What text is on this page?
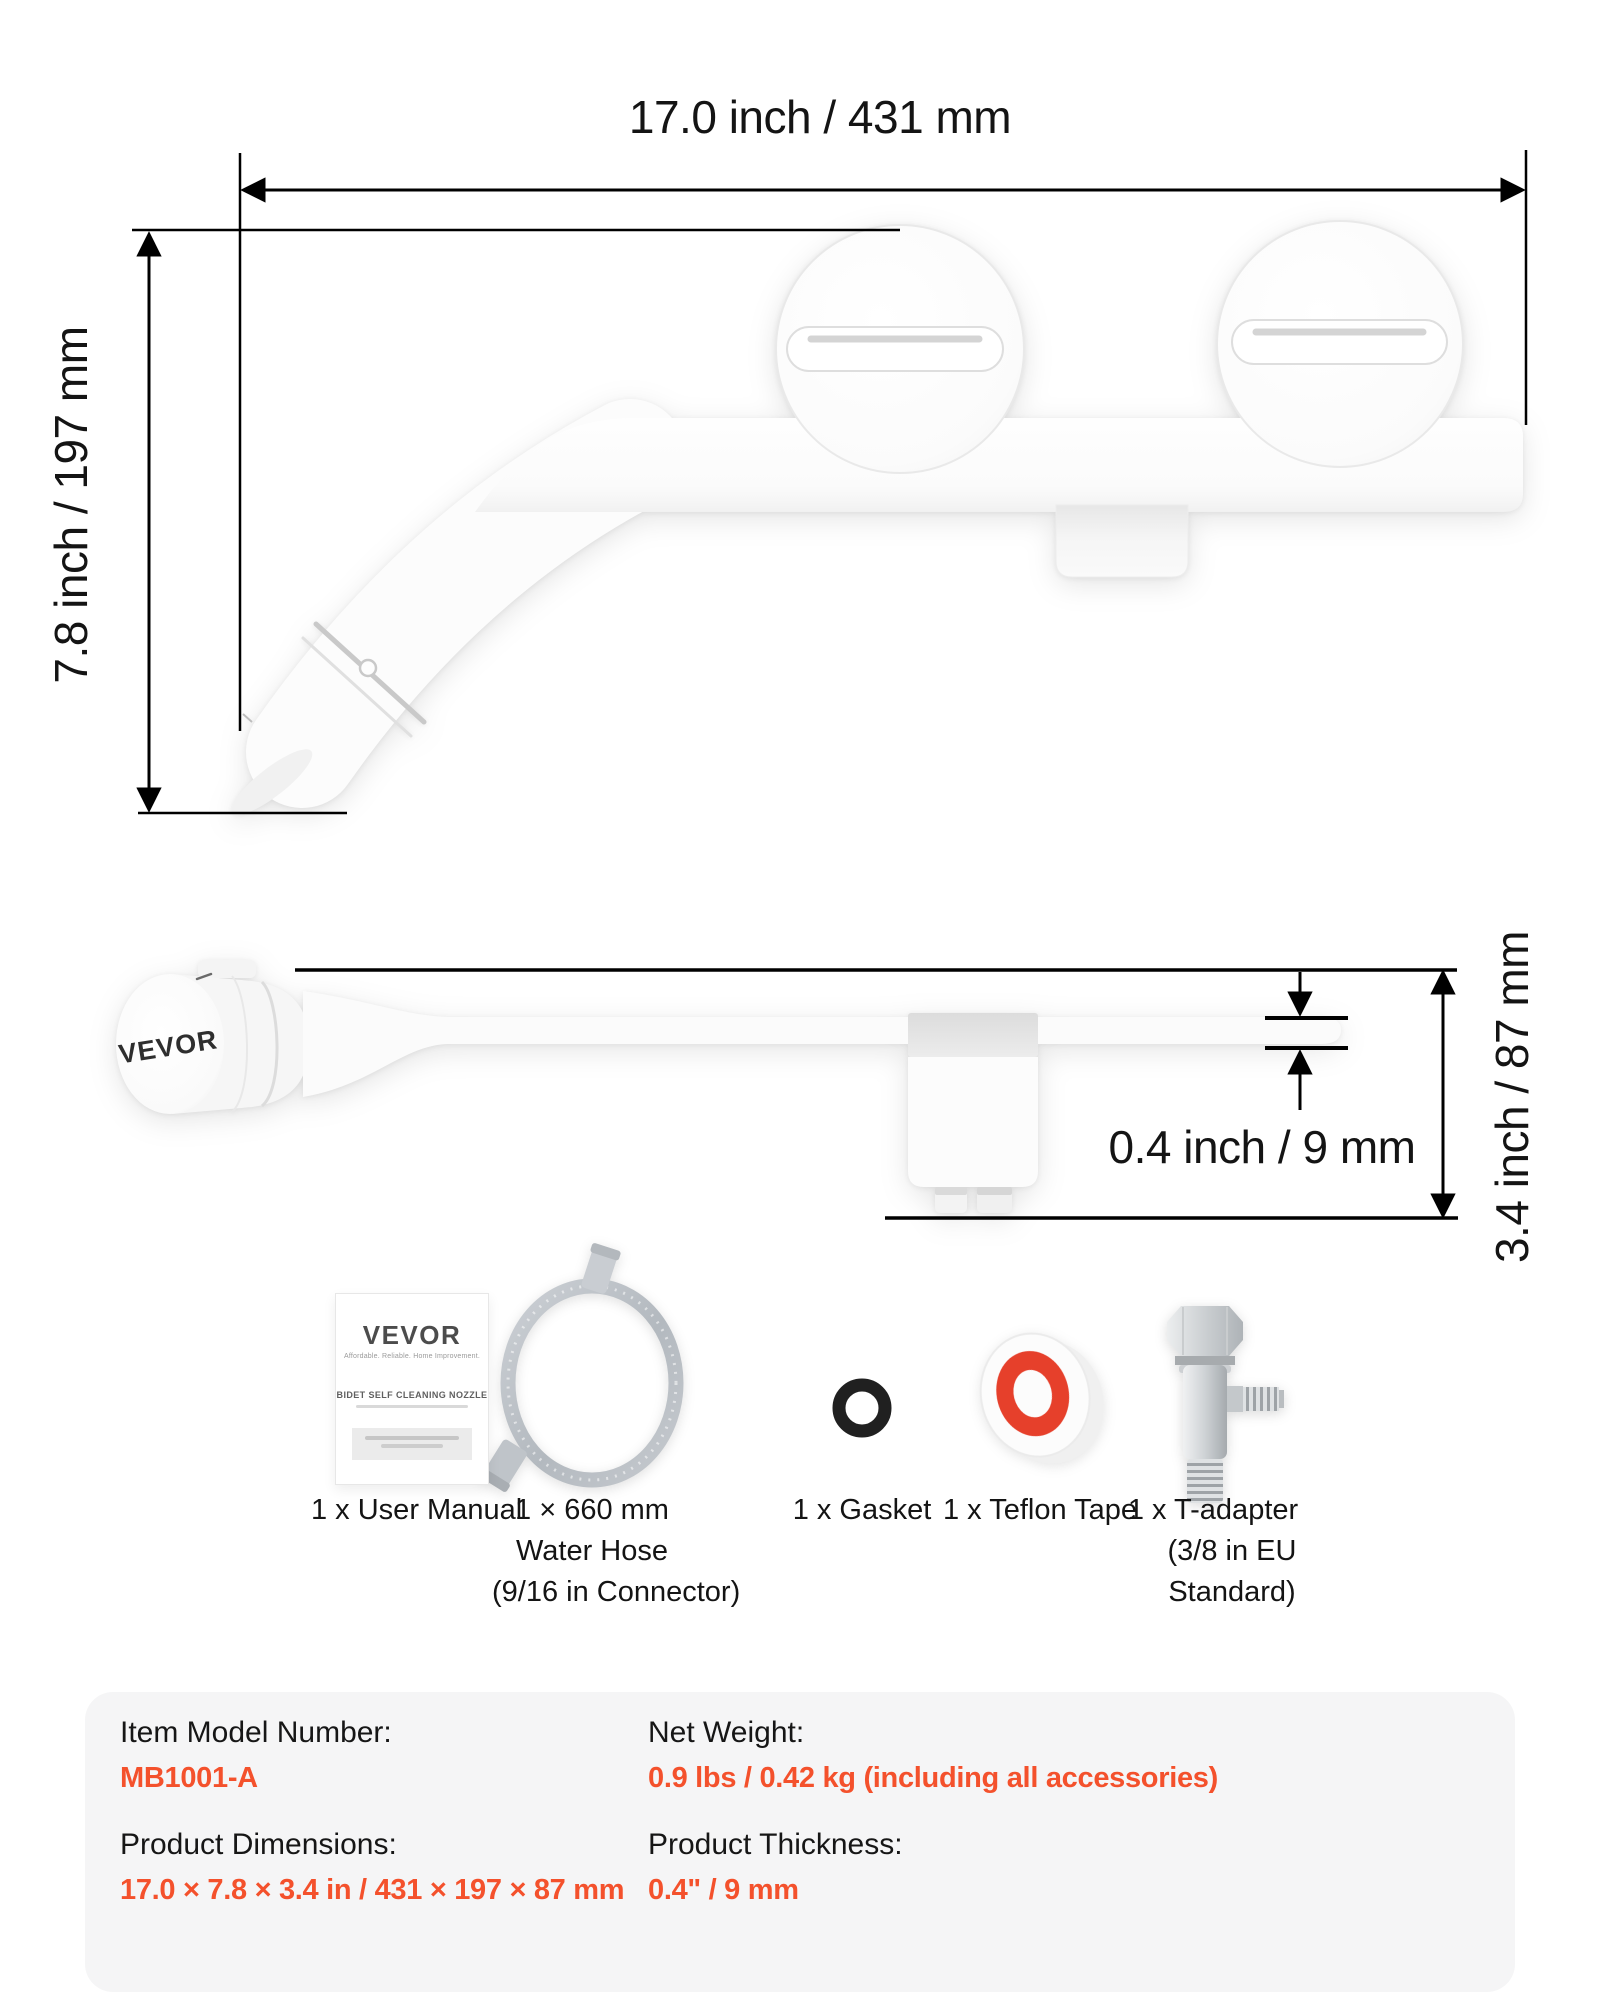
VEVOR
17.0 inch / 431 mm
7.8 inch / 197 mm
0.4 inch / 9 mm	3.4 inch / 87 mm
VEVOR
Affordable. Reliable. Home Improvement.
BIDET SELF CLEANING NOZZLE
1 x User Manual
1 × 660 mm
Water Hose
(9/16 in Connector)
1 x Gasket 1 x Teflon Tape
1 x T-adapter
(3/8 in EU
Standard)
Item Model Number:
MB1001-A
Product Dimensions:
17.0 × 7.8 × 3.4 in / 431 × 197 × 87 mm
Net Weight:
0.9 lbs / 0.42 kg (including all accessories)
Product Thickness:
0.4" / 9 mm
